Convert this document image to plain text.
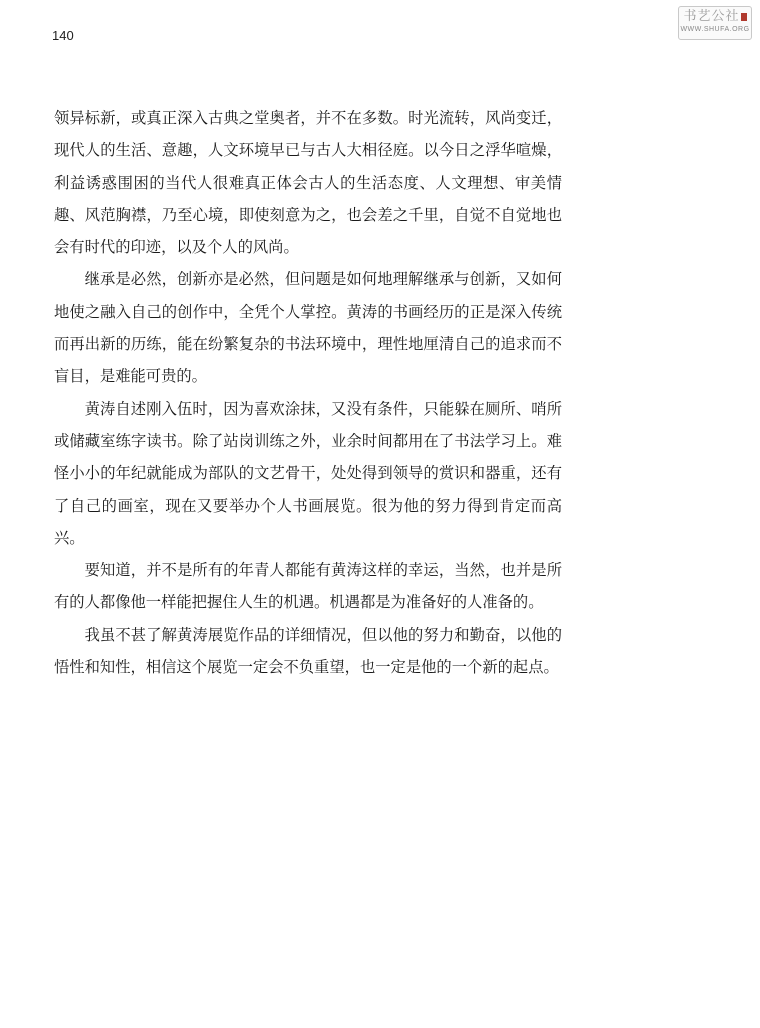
140
书艺公社
WWW.SHUFA.ORG

领异标新，或真正深入古典之堂奥者，并不在多数。时光流转，风尚变迁，现代人的生活、意趣，人文环境早已与古人大相径庭。以今日之浮华喧燥，利益诱惑围困的当代人很难真正体会古人的生活态度、人文理想、审美情趣、风范胸襟，乃至心境，即使刻意为之，也会差之千里，自觉不自觉地也会有时代的印迹，以及个人的风尚。

继承是必然，创新亦是必然，但问题是如何地理解继承与创新，又如何地使之融入自己的创作中，全凭个人掌控。黄涛的书画经历的正是深入传统而再出新的历练，能在纷繁复杂的书法环境中，理性地厘清自己的追求而不盲目，是难能可贵的。

黄涛自述刚入伍时，因为喜欢涂抹，又没有条件，只能躲在厕所、哨所或储藏室练字读书。除了站岗训练之外，业余时间都用在了书法学习上。难怪小小的年纪就能成为部队的文艺骨干，处处得到领导的赏识和器重，还有了自己的画室，现在又要举办个人书画展览。很为他的努力得到肯定而高兴。

要知道，并不是所有的年青人都能有黄涛这样的幸运，当然，也并是所有的人都像他一样能把握住人生的机遇。机遇都是为准备好的人准备的。

我虽不甚了解黄涛展览作品的详细情况，但以他的努力和勤奋，以他的悟性和知性，相信这个展览一定会不负重望，也一定是他的一个新的起点。
